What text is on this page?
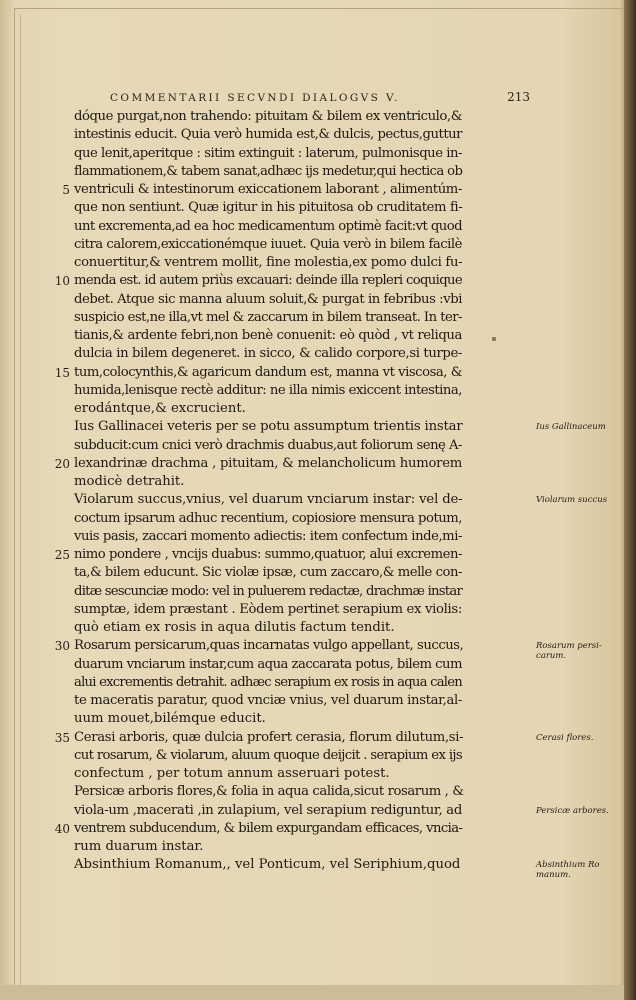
COMMENTARII SECVNDI DIALOGVS V.	213
dóque purgat,non trahendo: pituitam & bilem ex ventriculo,&
intestinis educit. Quia verò humida est,& dulcis, pectus,guttur
que lenit,aperitque : sitim extinguit : laterum, pulmonisque in-
flammationem,& tabem sanat,adhæc ijs medetur,qui hectica ob
5 ventriculi & intestinorum exiccationem laborant , alimentúm-
que non sentiunt. Quæ igitur in his pituitosa ob cruditatem fi-
unt excrementa,ad ea hoc medicamentum optimè facit:vt quod
citra calorem,exiccationémque iuuet. Quia verò in bilem facilè
conuertitur,& ventrem mollit, fine molestia,ex pomo dulci fu-
10 menda est. id autem priùs excauari: deinde illa repleri coquique
debet. Atque sic manna aluum soluit,& purgat in febribus :vbi
suspicio est,ne illa,vt mel & zaccarum in bilem transeat. In ter-
tianis,& ardente febri,non benè conuenit: eò quòd , vt reliqua
dulcia in bilem degeneret. in sicco, & calido corpore,si turpe-
15 tum,colocynthis,& agaricum dandum est, manna vt viscosa, &
humida,lenisque rectè additur: ne illa nimis exiccent intestina,
erodántque,& excrucient.
Ius Gallinacei veteris per se potu assumptum trientis instar
subducit:cum cnici verò drachmis duabus,aut foliorum senę A-
20 lexandrinæ drachma , pituitam, & melancholicum humorem
modicè detrahit.
Violarum succus,vnius, vel duarum vnciarum instar: vel de-
coctum ipsarum adhuc recentium, copiosiore mensura potum,
vuis pasis, zaccari momento adiectis: item confectum inde,mi-
25 nimo pondere , vncijs duabus: summo,quatuor, alui excremen-
ta,& bilem educunt. Sic violæ ipsæ, cum zaccaro,& melle con-
ditæ sescunciæ modo: vel in puluerem redactæ, drachmæ instar
sumptæ, idem præstant . Eòdem pertinet serapium ex violis:
quò etiam ex rosis in aqua dilutis factum tendit.
30 Rosarum persicarum,quas incarnatas vulgo appellant, succus,
duarum vnciarum instar,cum aqua zaccarata potus, bilem cum
alui excrementis detrahit. adhæc serapium ex rosis in aqua calen
te maceratis paratur, quod vnciæ vnius, vel duarum instar,al-
uum mouet,bilémque educit.
35 Cerasi arboris, quæ dulcia profert cerasia, florum dilutum,si-
cut rosarum, & violarum, aluum quoque deijcit . serapium ex ijs
confectum , per totum annum asseruari potest.
Persicæ arboris flores,& folia in aqua calida,sicut rosarum , &
viola-um ,macerati ,in zulapium, vel serapium rediguntur, ad
40 ventrem subducendum, & bilem expurgandam efficaces, vncia-
rum duarum instar.
Absinthium Romanum,, vel Ponticum, vel Seriphium,quod
Ius Gallinaceum
Violarum succus
Rosarum persi- carum.
Cerasi flores.
Persicæ arbores.
Absinthium Ro manum.
